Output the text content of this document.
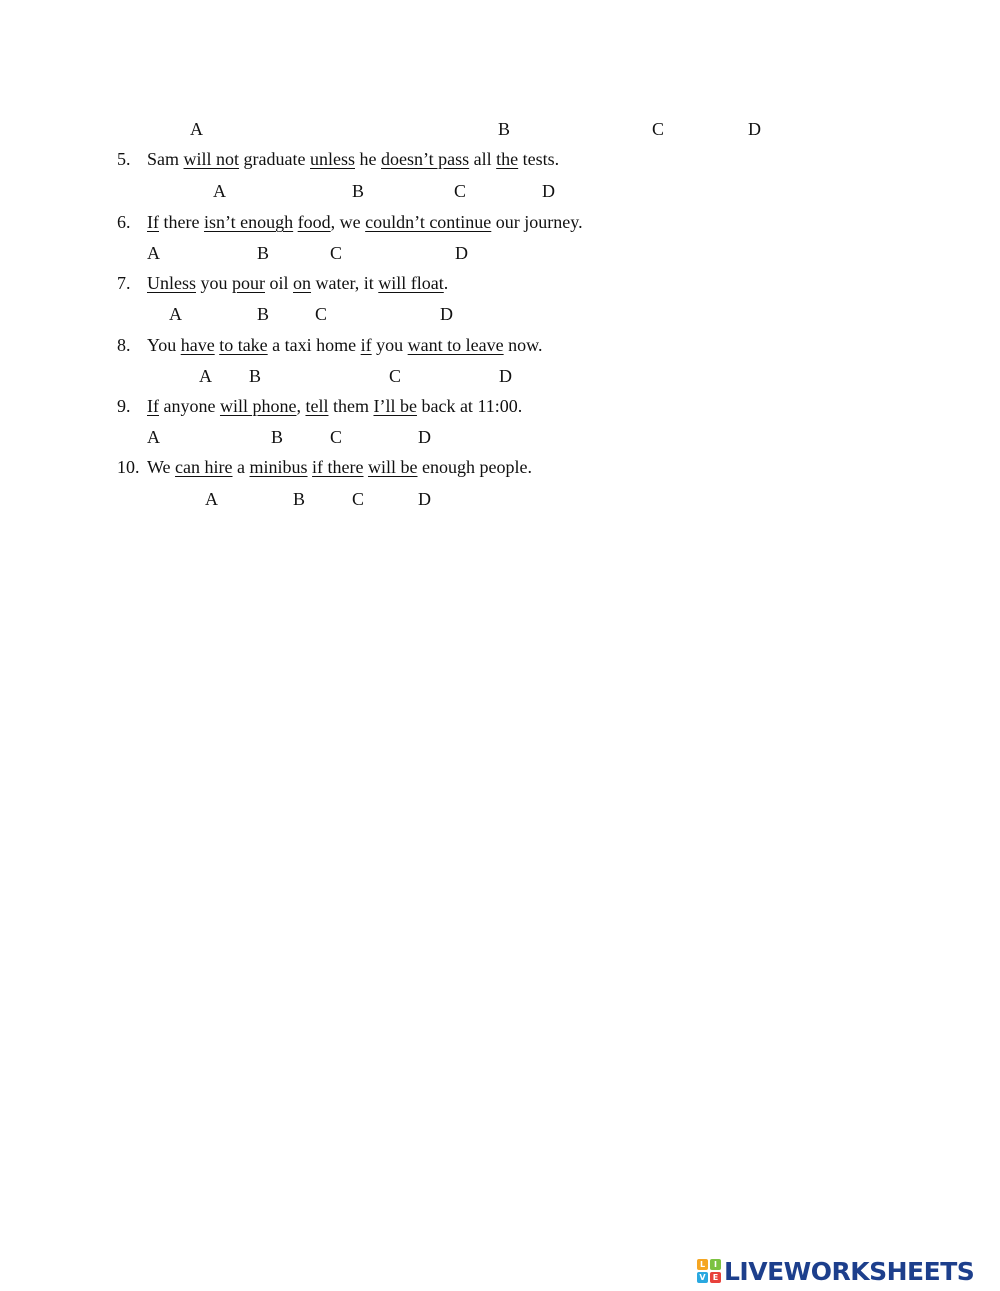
A	B	C	D
5. Sam will not graduate unless he doesn’t pass all the tests.
A	B	C	D
6. If there isn’t enough food, we couldn’t continue our journey.
A	B	C	D
7. Unless you pour oil on water, it will float.
A	B	C	D
8. You have to take a taxi home if you want to leave now.
A B	C	D
9. If anyone will phone, tell them I’ll be back at 11:00.
A	B	C	D
10. We can hire a minibus if there will be enough people.
A	B	C	D
L	I
V E LIVEWORKSHEETS
